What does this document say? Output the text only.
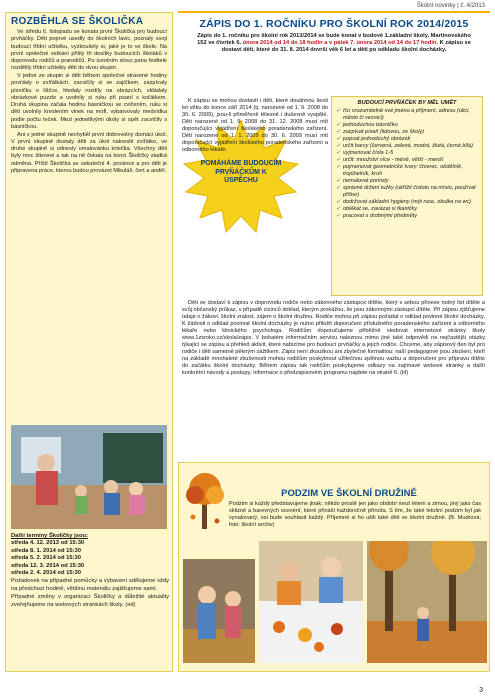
Školní novinky | č. 4/2013
ROZBĚHLA SE ŠKOLIČKA

Ve středu 6. listopadu se konala první Školička pro budoucí prvňáčky. Děti poprvé usedly do školních lavic, poznaly svoji budoucí třídní učitelku, vyzkoušely si, jaké je to ve škole. Na první společné setkání přišly tři desítky budoucích školáků v doprovodu rodičů a prarodičů. Po úvodním slovu pana ředitele rozdělily třídní učitelky děti do dvou skupin.

V jedné ze skupin si děti během společné strávené hodiny povídaly o zvířátkách, zacvičily si se zajíčkem, zazpívaly písničku o liščce, hledaly rozdíly na obrázcích, skládaly obrázkové puzzle a uvolnily si ruku při psaní s koťátkem. Druhá skupina začala hodinu básničkou se cvičením, ruku si děti uvolnily kreslením vlnek na mofi, vybarvovaly medvídka podle počtu teček. Mezi jednotlivými úkoly si opět zacvičily s básničkou.

Ani v jedné skupině nechyběl první dobrovolný domácí úkol. V první skupině dostaly děti za úkol nakreslit zvířátko, ve druhé skupině si odnesly omalovánku krtečka. Všechny děti byly moc šikovné a tak na ně čekala na konci Školičky sladká odměna. Příští Školička se uskuteční 4. prosince a pro děti je připravena práce, kterou budou provázet Mikuláš, čert a anděl.

Další termíny Školičky jsou:
středa 4. 12. 2013 od 15:30
středa 8. 1. 2014 od 15:30
středa 5. 2. 2014 od 15:30
středa 12. 3. 2014 od 15:30
středa 2. 4. 2014 od 15:30
Požadovek na připadné pomůcky a vybavení sdělujeme vždy na předchozí hodině, většinu materiálu zajišťujeme sami.
Případné změny v organizaci Školičky a důležité aktuality zveřejňujeme na webových stránkách školy. (ed)
ZÁPIS DO 1. ROČNÍKU PRO ŠKOLNÍ ROK 2014/2015
Zápis do 1. ročníku pro školní rok 2013/2014 se bude konat v budově 1.základní školy, Martinovského 152 ve čtvrtek 6. února 2014 od 14 do 18 hodin a v pátek 7. února 2014 od 14 do 17 hodin. K zápisu se dostaví děti, které do 31. 8. 2014 dovrší věk 6 let a děti po odkladu školní docházky.
POMÁHÁME BUDOUCÍM PRVŇÁČKŮM K ÚSPĚCHU

K zápisu se mohou dostavit i děti, které dosáhnou šesti let věku do konce září 2014 (tj. narozené od 1. 9. 2008 do 30. 6. 2009), jsou-li přiměřeně tělesně i duševně vyspělé. Děti narozené od 1. 9. 2008 do 31. 12. 2008 musí mít doporučující vyjádření školského poradenského zařízení. Děti narozené od 1. 1. 2009 do 30. 6. 2009 musí mít doporučující vyjádření školského poradenského zařízení a odborného lékaře.

BUDOUCÍ PRVŇÁČEK BY MĚL UMĚT
✓ říci srozumitelně své jméno a příjmení, adresu (ulici, město či vesnici)
✓ jednoduchou básničku
✓ zazpívat píseň (lidovou, ze školy)
✓ popsat jednoduchý obrázek
✓ určit barvy (červená, zelená, modrá, žlutá, černá bílá)
✓ vyjmenovat čísla 1-5
✓ určit: množství více - méně, větší - menší
✓ pojmenovat geometrické tvary: čtverec, obdélník, trojúhelník, kruh
✓ nemalovat portrety
✓ správné držení tužky (ukřížit čistotu na místo, používat příbor)
✓ dodržovat základní hygieny (mýt ruce, obulka na wc)
✓ oblékat se, zavázat si tkaničky
✓ pracovat s drobnými předměty

Děti se dostaví k zápisu v doprovodu rodiče nebo zákonného zástupce dítěte, který s sebou přinese rodný list dítěte a svůj občanský průkaz, v případě cizinců doklad, kterým prokážou, že jsou zákonnými zástupci dítěte. Při zápisu zjišťujeme údaje o žákovi, školní zralost, zájem o školní družinu. Rodiče mohou při zápisu požádat o odklad povinné školní docházky. K žádosti o odklad povinné školní docházky je nutno přiložit doporučení příslušného poradenského zařízení a odborného lékaře nebo klinického psychologa. Rodičům doporučujeme přiběžně sledovat internetové stránky školy www.1zsroko.cz/skola/zapis. V bohatém informačním servisu naleznou mimo jiné také odpovědi na nejčastější otázky týkající se zápisu a přehled aktivit, které nabízíme pro budoucí prvňáčky a jejich rodiče. Chceme, aby zápisový den byl pro rodiče i děti sametně pěkným zážitkem. Zápis není zkouškou ani zbytečné formalitou; naší pedagogové jsou zkušení, kteří na základě mnohaleté zkušenosti mohou rodičům poskytnout užitečnou zpětnou vazbu a doporučení pro přípravu dítěte do začátku školní docházky. Během zápisu tak rodičům poskytujeme odkazy na zajímavé webové stránky a další konkrétní návody a postupy. Informace o předzápisovém programu najdete na straně 6. (kf)

PODZIM VE ŠKOLNÍ DRUŽINĚ
Podzim si každý představujeme jinak; někdo prostě jen jako období mezi létem a zimou, jiný jako čas sklizně a barevných scenérií, které přináší každoročně příroda. S tím, že také letošní podzim byl jak vynalovaný, osi bude souhlasit každý. Příjemné si ho užili také děti ve školní družině. (B. Mudrová; foto: školní archiv)
3
